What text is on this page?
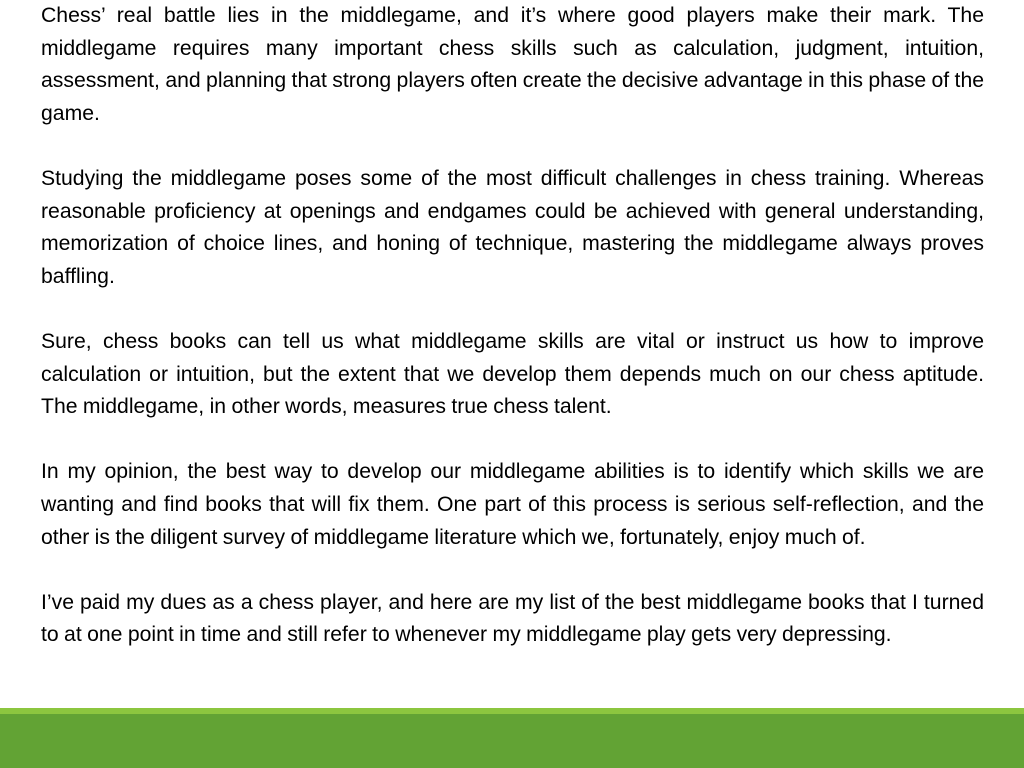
Chess’ real battle lies in the middlegame, and it’s where good players make their mark. The middlegame requires many important chess skills such as calculation, judgment, intuition, assessment, and planning that strong players often create the decisive advantage in this phase of the game.

Studying the middlegame poses some of the most difficult challenges in chess training. Whereas reasonable proficiency at openings and endgames could be achieved with general understanding, memorization of choice lines, and honing of technique, mastering the middlegame always proves baffling.

Sure, chess books can tell us what middlegame skills are vital or instruct us how to improve calculation or intuition, but the extent that we develop them depends much on our chess aptitude. The middlegame, in other words, measures true chess talent.

In my opinion, the best way to develop our middlegame abilities is to identify which skills we are wanting and find books that will fix them. One part of this process is serious self-reflection, and the other is the diligent survey of middlegame literature which we, fortunately, enjoy much of.

I’ve paid my dues as a chess player, and here are my list of the best middlegame books that I turned to at one point in time and still refer to whenever my middlegame play gets very depressing.
